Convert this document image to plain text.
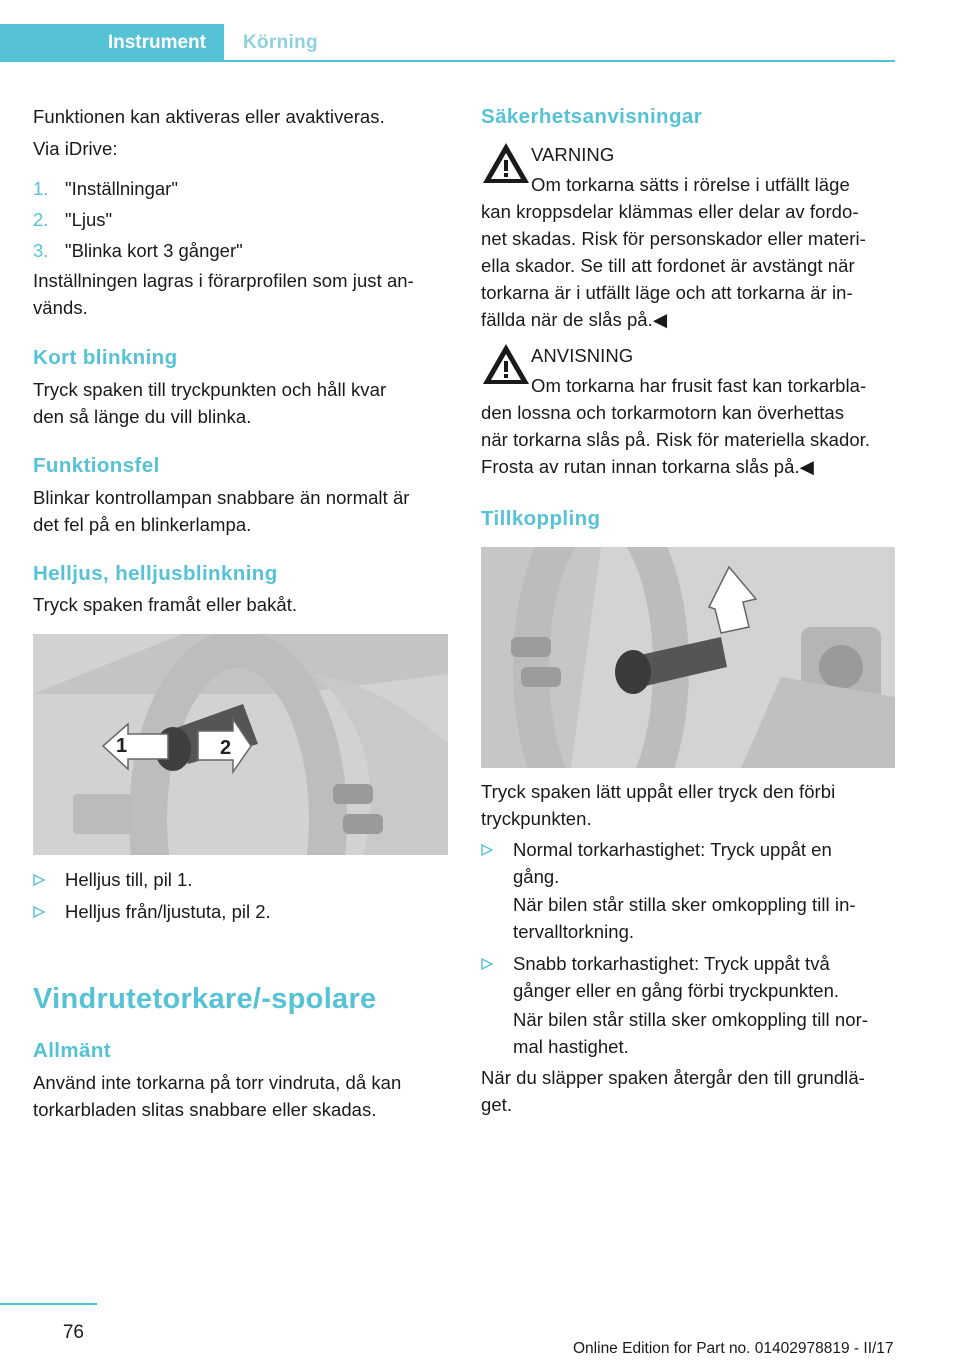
Instrument Körning

Funktionen kan aktiveras eller avaktiveras.

Via iDrive:

1. "Inställningar"
2. "Ljus"
3. "Blinka kort 3 gånger"

Inställningen lagras i förarprofilen som just an‐

vänds.

Kort blinkning

Tryck spaken till tryckpunkten och håll kvar

den så länge du vill blinka.

Funktionsfel

Blinkar kontrollampan snabbare än normalt är

det fel på en blinkerlampa.

Helljus, helljusblinkning

Tryck spaken framåt eller bakåt.

1	2
Helljus till, pil 1.
Helljus från/ljustuta, pil 2.
Vindrutetorkare/-spolare
Allmänt

Använd inte torkarna på torr vindruta, då kan

torkarbladen slitas snabbare eller skadas.

Säkerhetsanvisningar

VARNING

Om torkarna sätts i rörelse i utfällt läge

kan kroppsdelar klämmas eller delar av fordo‐

net skadas. Risk för personskador eller materi‐

ella skador. Se till att fordonet är avstängt när

torkarna är i utfällt läge och att torkarna är in‐

fällda när de slås på.◀

ANVISNING

Om torkarna har frusit fast kan torkarbla‐

den lossna och torkarmotorn kan överhettas

när torkarna slås på. Risk för materiella skador.

Frosta av rutan innan torkarna slås på.◀

Tillkoppling

Tryck spaken lätt uppåt eller tryck den förbi

tryckpunkten.

Normal torkarhastighet: Tryck uppåt en
gång.

När bilen står stilla sker omkoppling till in‐

tervalltorkning.

Snabb torkarhastighet: Tryck uppåt två
gånger eller en gång förbi tryckpunkten.

När bilen står stilla sker omkoppling till nor‐

mal hastighet.

När du släpper spaken återgår den till grundlä‐

get.

76
Online Edition for Part no. 01402978819 - II/17
